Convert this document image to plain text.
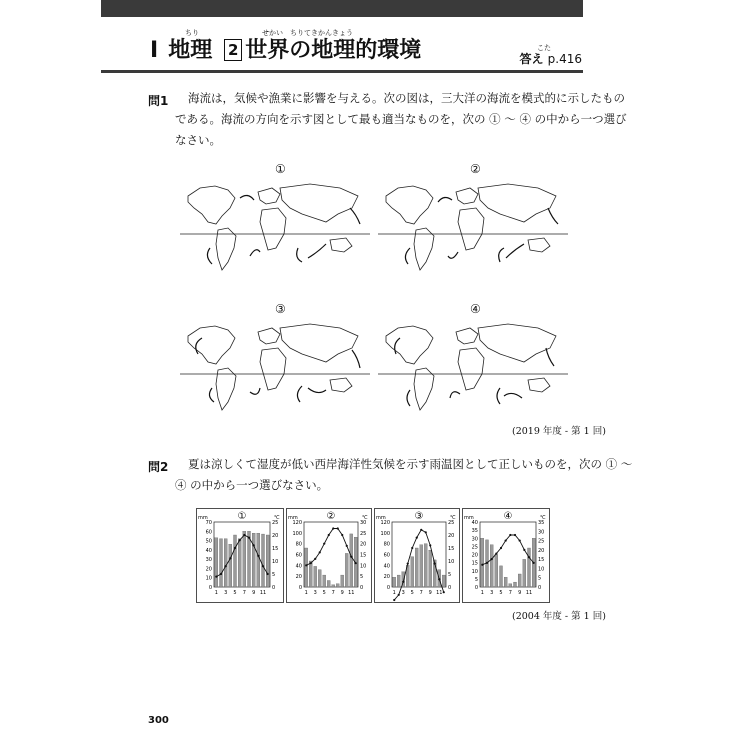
ちり	せかい　ちりてきかんきょう
I 地理 2 世界の地理的環境	こた
答え p.416
問1 海流は，気候や漁業に影響を与える。次の図は，三大洋の海流を模式的に示したもの
である。海流の方向を示す図として最も適当なものを，次の ① ～ ④ の中から一つ選び
なさい。
①	②
③	④
(2019 年度 - 第 1 回)
問2 夏は涼しくて湿度が低い西岸海洋性気候を示す雨温図として正しいものを，次の ① ～
④ の中から一つ選びなさい。
①
mm	℃
0
10
20
30
40
50
60
70
0
5
10
15
20
25
1 3 5 7 9 11
②
mm	℃
0
20
40
60
80
100
120
0
5
10
15
20
25
30
1 3 5 7 9 11
③
mm	℃
0
20
40
60
80
100
120
0
5
10
15
20
25
1 3 5 7 9 11
④
mm	℃
0
5
10
15
20
25
30
35
40
0
5
10
15
20
25
30
35
1 3 5 7 9 11
(2004 年度 - 第 1 回)
300
